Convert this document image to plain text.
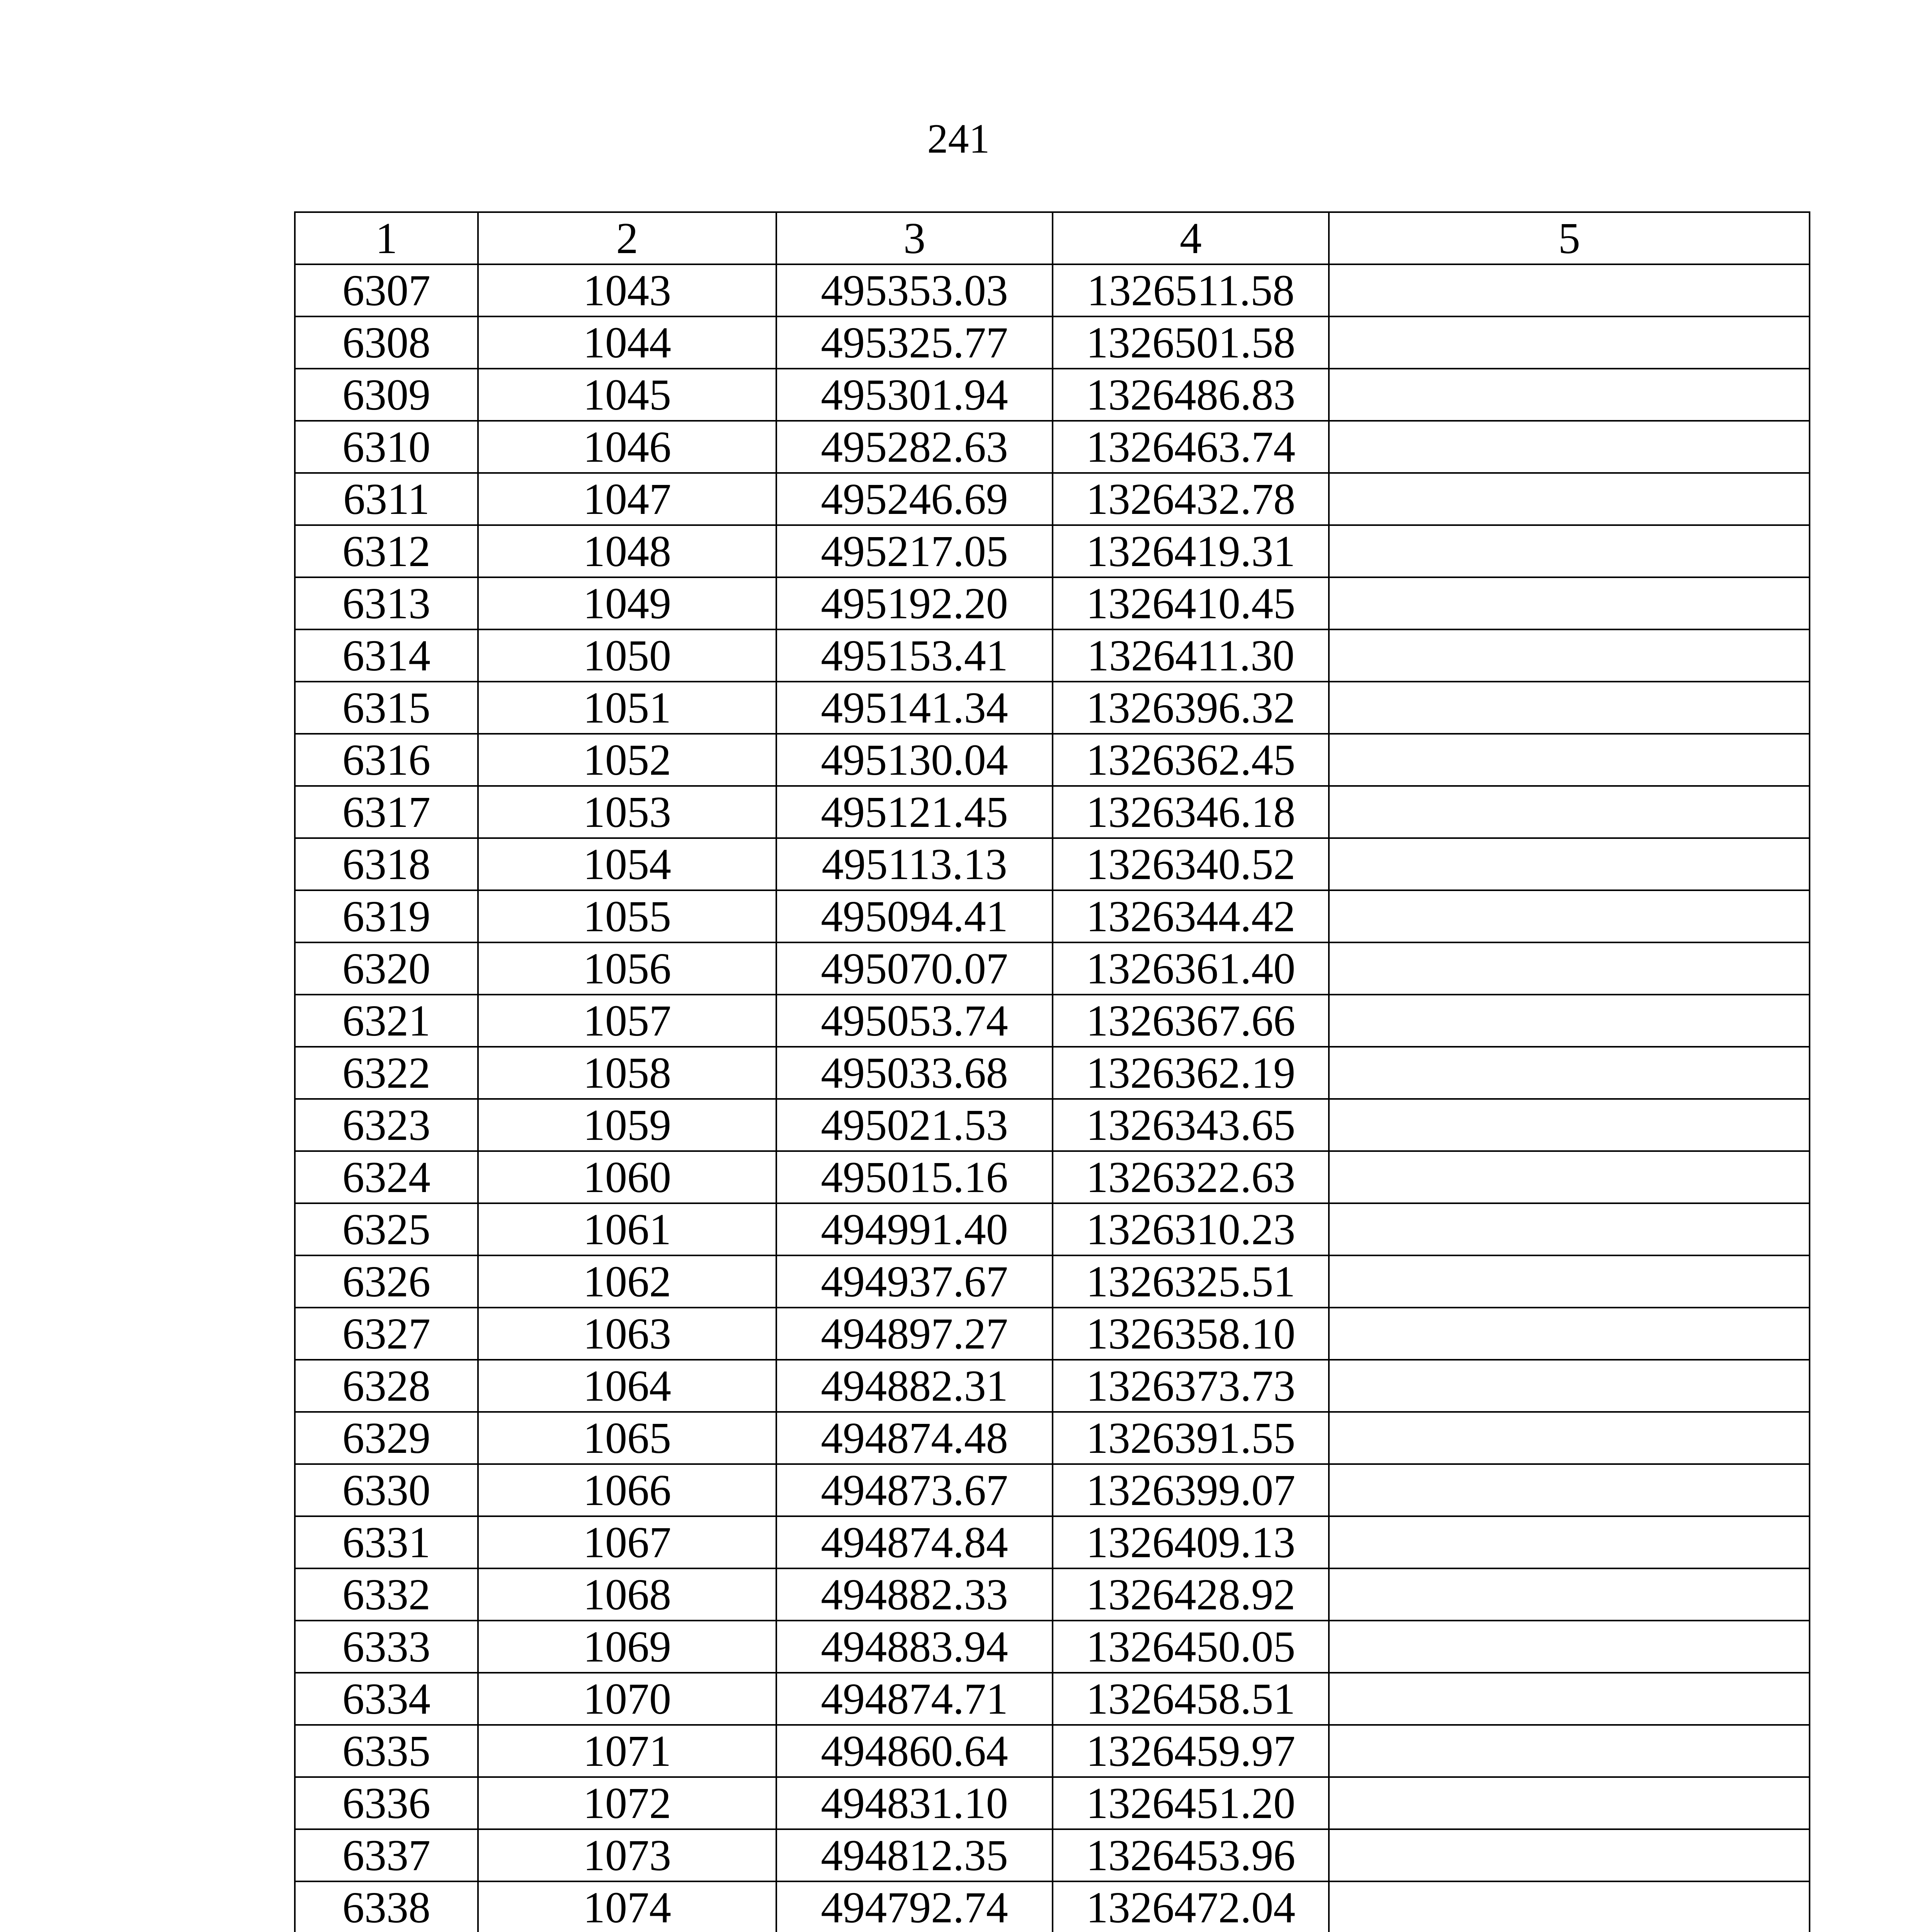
241
1	2	3	4	5
6307	1043	495353.03	1326511.58	
6308	1044	495325.77	1326501.58	
6309	1045	495301.94	1326486.83	
6310	1046	495282.63	1326463.74	
6311	1047	495246.69	1326432.78	
6312	1048	495217.05	1326419.31	
6313	1049	495192.20	1326410.45	
6314	1050	495153.41	1326411.30	
6315	1051	495141.34	1326396.32	
6316	1052	495130.04	1326362.45	
6317	1053	495121.45	1326346.18	
6318	1054	495113.13	1326340.52	
6319	1055	495094.41	1326344.42	
6320	1056	495070.07	1326361.40	
6321	1057	495053.74	1326367.66	
6322	1058	495033.68	1326362.19	
6323	1059	495021.53	1326343.65	
6324	1060	495015.16	1326322.63	
6325	1061	494991.40	1326310.23	
6326	1062	494937.67	1326325.51	
6327	1063	494897.27	1326358.10	
6328	1064	494882.31	1326373.73	
6329	1065	494874.48	1326391.55	
6330	1066	494873.67	1326399.07	
6331	1067	494874.84	1326409.13	
6332	1068	494882.33	1326428.92	
6333	1069	494883.94	1326450.05	
6334	1070	494874.71	1326458.51	
6335	1071	494860.64	1326459.97	
6336	1072	494831.10	1326451.20	
6337	1073	494812.35	1326453.96	
6338	1074	494792.74	1326472.04	
